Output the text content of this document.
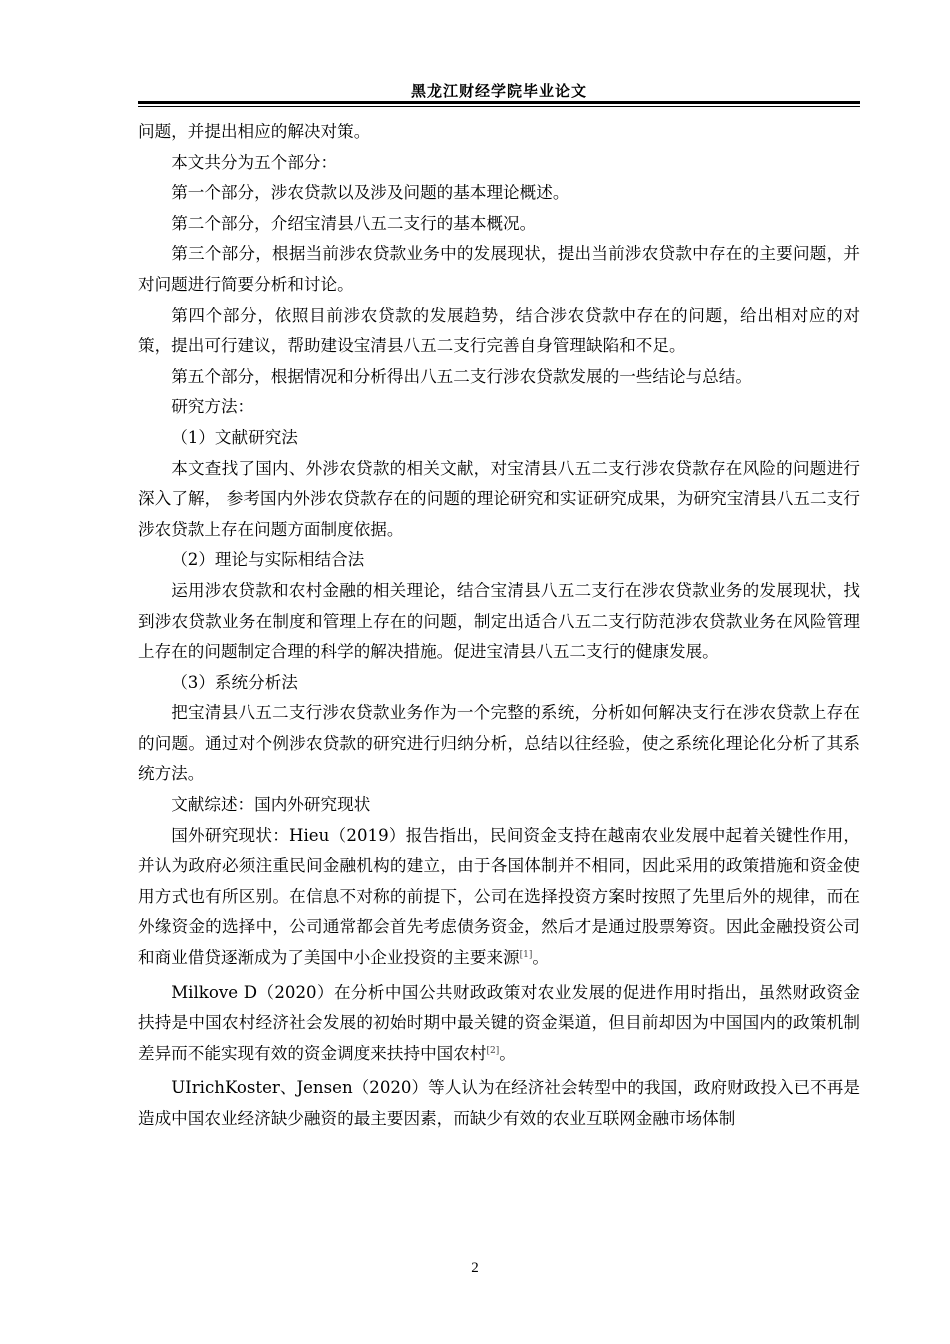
黑龙江财经学院毕业论文

问题，并提出相应的解决对策。

本文共分为五个部分：

第一个部分，涉农贷款以及涉及问题的基本理论概述。

第二个部分，介绍宝清县八五二支行的基本概况。

第三个部分，根据当前涉农贷款业务中的发展现状，提出当前涉农贷款中存在的主要问题，并对问题进行简要分析和讨论。

第四个部分，依照目前涉农贷款的发展趋势，结合涉农贷款中存在的问题，给出相对应的对策，提出可行建议，帮助建设宝清县八五二支行完善自身管理缺陷和不足。

第五个部分，根据情况和分析得出八五二支行涉农贷款发展的一些结论与总结。

研究方法：

（1）文献研究法

本文查找了国内、外涉农贷款的相关文献，对宝清县八五二支行涉农贷款存在风险的问题进行深入了解， 参考国内外涉农贷款存在的问题的理论研究和实证研究成果，为研究宝清县八五二支行涉农贷款上存在问题方面制度依据。

（2）理论与实际相结合法

运用涉农贷款和农村金融的相关理论，结合宝清县八五二支行在涉农贷款业务的发展现状，找到涉农贷款业务在制度和管理上存在的问题，制定出适合八五二支行防范涉农贷款业务在风险管理上存在的问题制定合理的科学的解决措施。促进宝清县八五二支行的健康发展。

（3）系统分析法

把宝清县八五二支行涉农贷款业务作为一个完整的系统，分析如何解决支行在涉农贷款上存在的问题。通过对个例涉农贷款的研究进行归纳分析，总结以往经验，使之系统化理论化分析了其系统方法。

文献综述：国内外研究现状

国外研究现状：Hieu（2019）报告指出，民间资金支持在越南农业发展中起着关键性作用，并认为政府必须注重民间金融机构的建立，由于各国体制并不相同，因此采用的政策措施和资金使用方式也有所区别。在信息不对称的前提下，公司在选择投资方案时按照了先里后外的规律，而在外缘资金的选择中，公司通常都会首先考虑债务资金，然后才是通过股票筹资。因此金融投资公司和商业借贷逐渐成为了美国中小企业投资的主要来源[1]。

Milkove D（2020）在分析中国公共财政政策对农业发展的促进作用时指出，虽然财政资金扶持是中国农村经济社会发展的初始时期中最关键的资金渠道，但目前却因为中国国内的政策机制差异而不能实现有效的资金调度来扶持中国农村[2]。

UIrichKoster、Jensen（2020）等人认为在经济社会转型中的我国，政府财政投入已不再是造成中国农业经济缺少融资的最主要因素，而缺少有效的农业互联网金融市场体制

2
